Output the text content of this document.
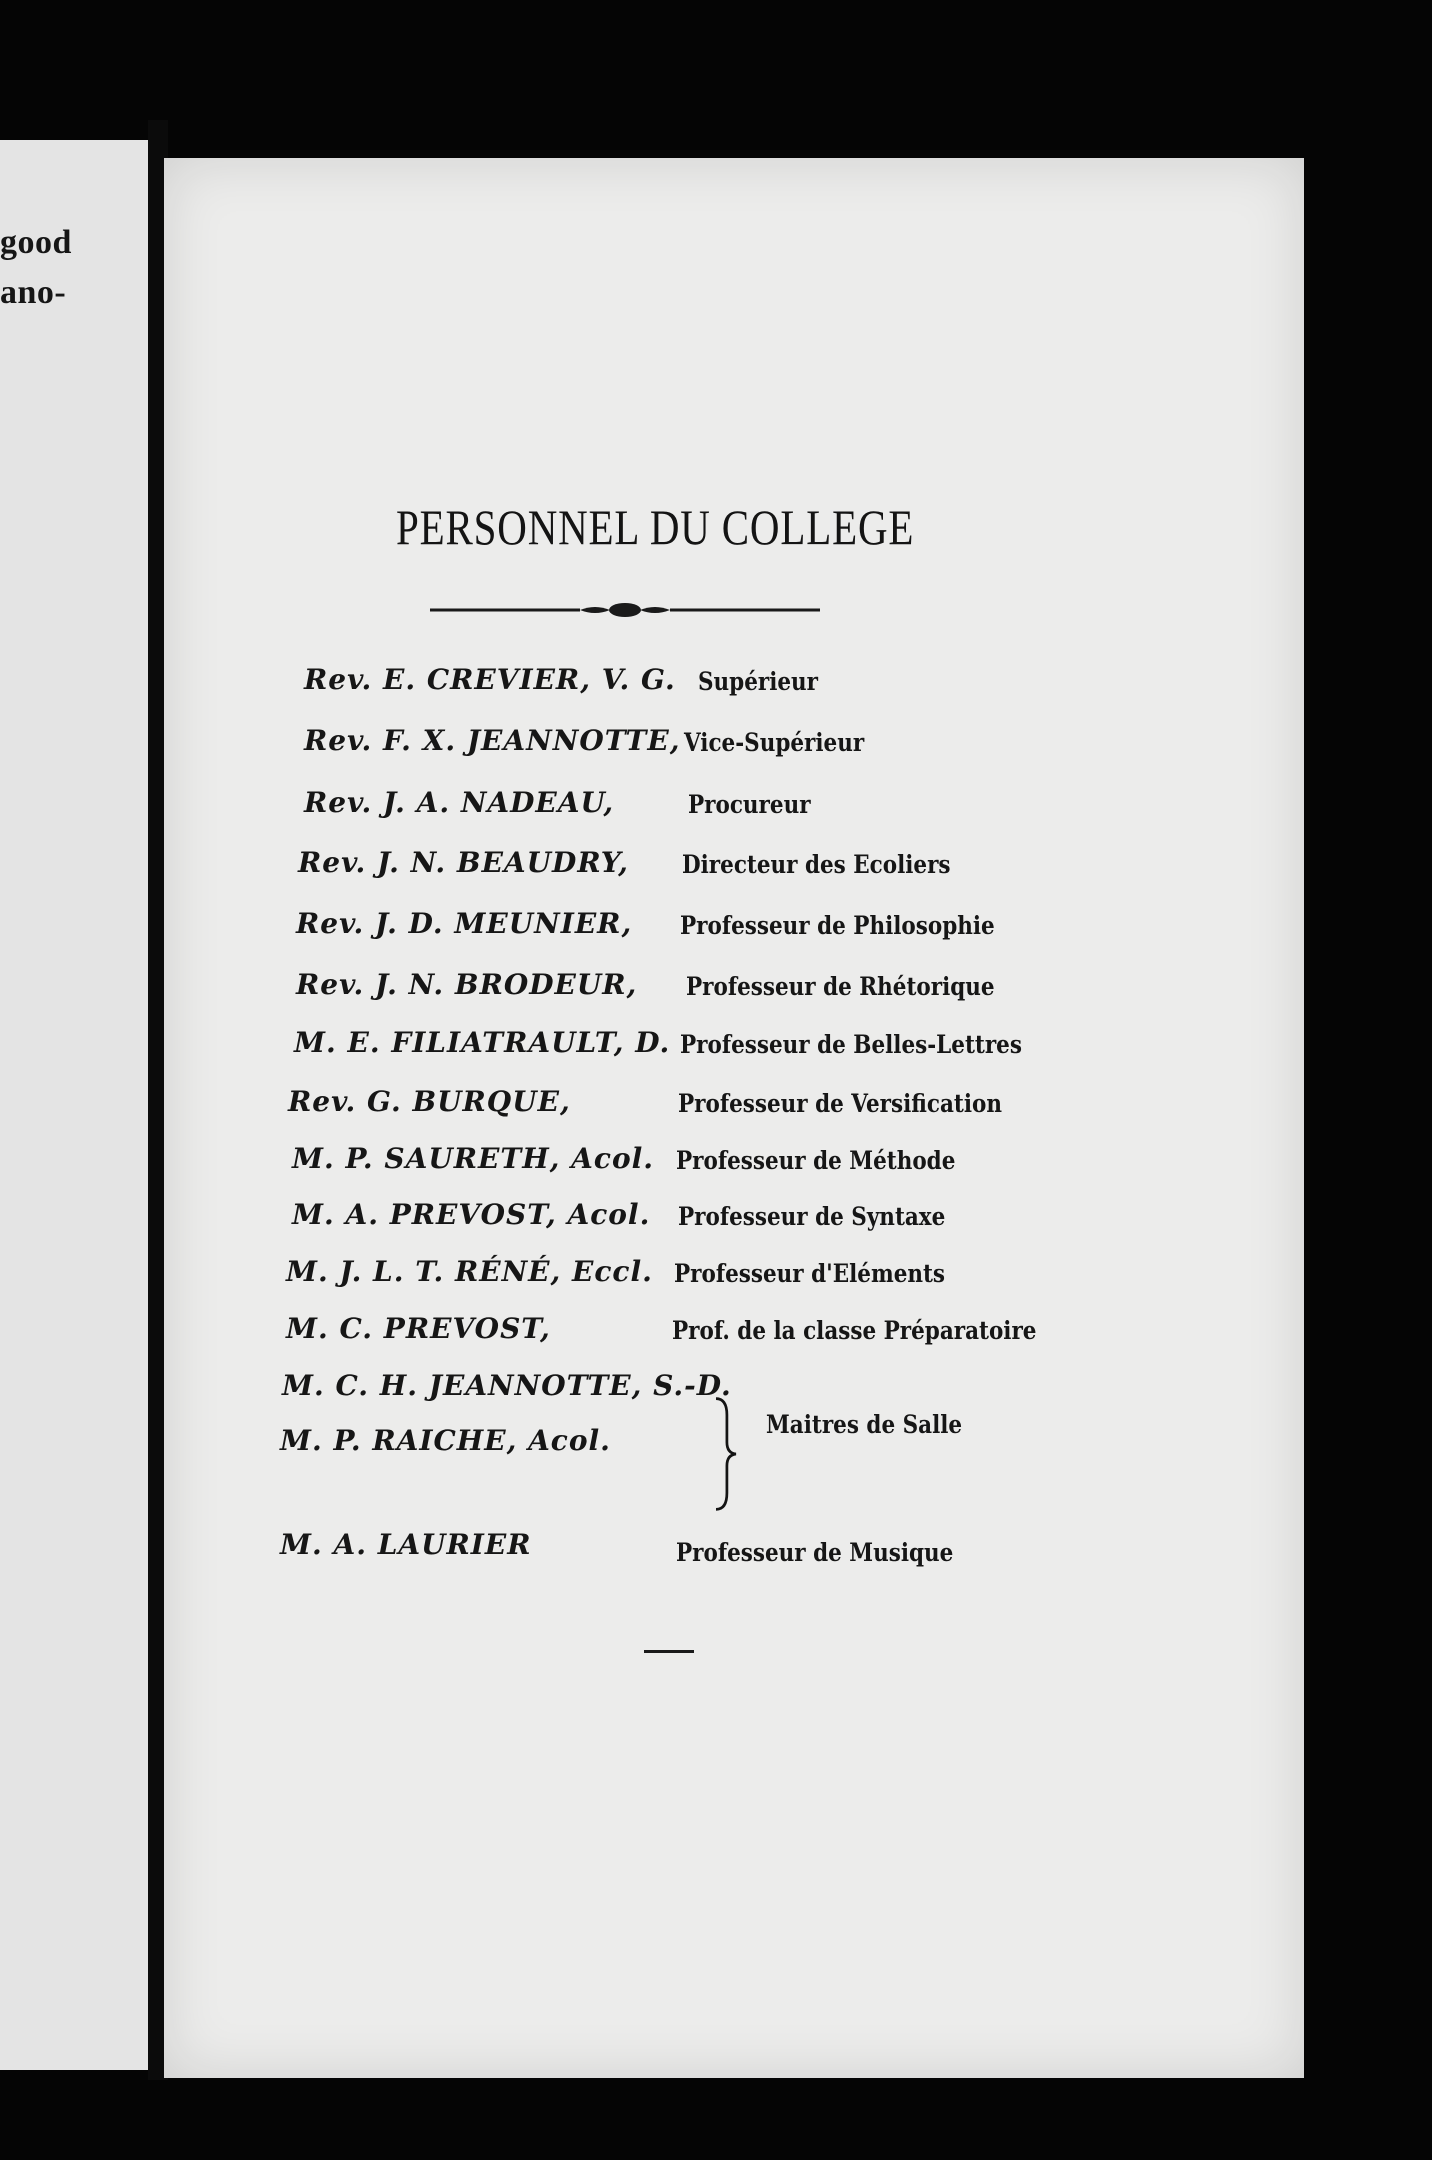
good
ano-

PERSONNEL DU COLLEGE
Rev. E. CREVIER, V. G. Supérieur
Rev. F. X. JEANNOTTE, Vice-Supérieur
Rev. J. A. NADEAU,	Procureur
Rev. J. N. BEAUDRY, Directeur des Ecoliers
Rev. J. D. MEUNIER, Professeur de Philosophie
Rev. J. N. BRODEUR, Professeur de Rhétorique
M. E. FILIATRAULT, D. Professeur de Belles-Lettres
Rev. G. BURQUE,	Professeur de Versification
M. P. SAURETH, Acol. Professeur de Méthode
M. A. PREVOST, Acol. Professeur de Syntaxe
M. J. L. T. RÉNÉ, Eccl. Professeur d'Eléments
M. C. PREVOST,	Prof. de la classe Préparatoire
M. C. H. JEANNOTTE, S.-D.
M. P. RAICHE, Acol.	Maitres de Salle
M. A. LAURIER	Professeur de Musique
